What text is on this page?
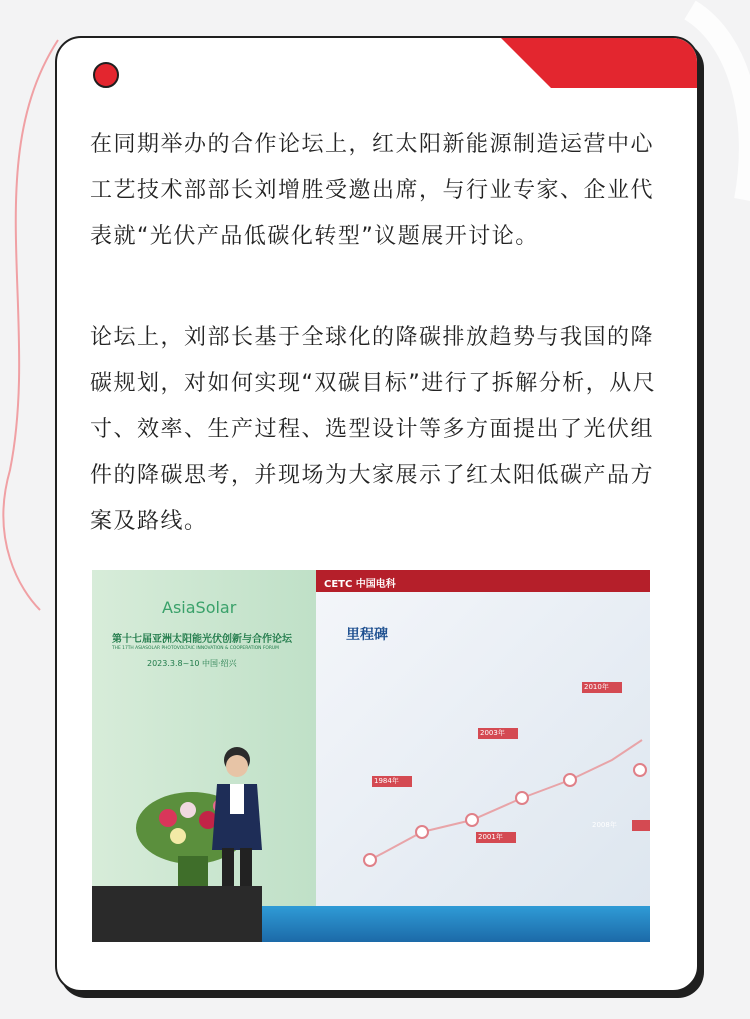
在同期举办的合作论坛上，红太阳新能源制造运营中心工艺技术部部长刘增胜受邀出席，与行业专家、企业代表就“光伏产品低碳化转型”议题展开讨论。

论坛上，刘部长基于全球化的降碳排放趋势与我国的降碳规划，对如何实现“双碳目标”进行了拆解分析，从尺寸、效率、生产过程、选型设计等多方面提出了光伏组件的降碳思考，并现场为大家展示了红太阳低碳产品方案及路线。

AsiaSolar
第十七届亚洲太阳能光伏创新与合作论坛
THE 17TH ASIASOLAR PHOTOVOLTAIC INNOVATION & COOPERATION FORUM
2023.3.8~10 中国·绍兴
CETC 中国电科
里程碑
1984年
2001年
2003年
2008年
2010年
